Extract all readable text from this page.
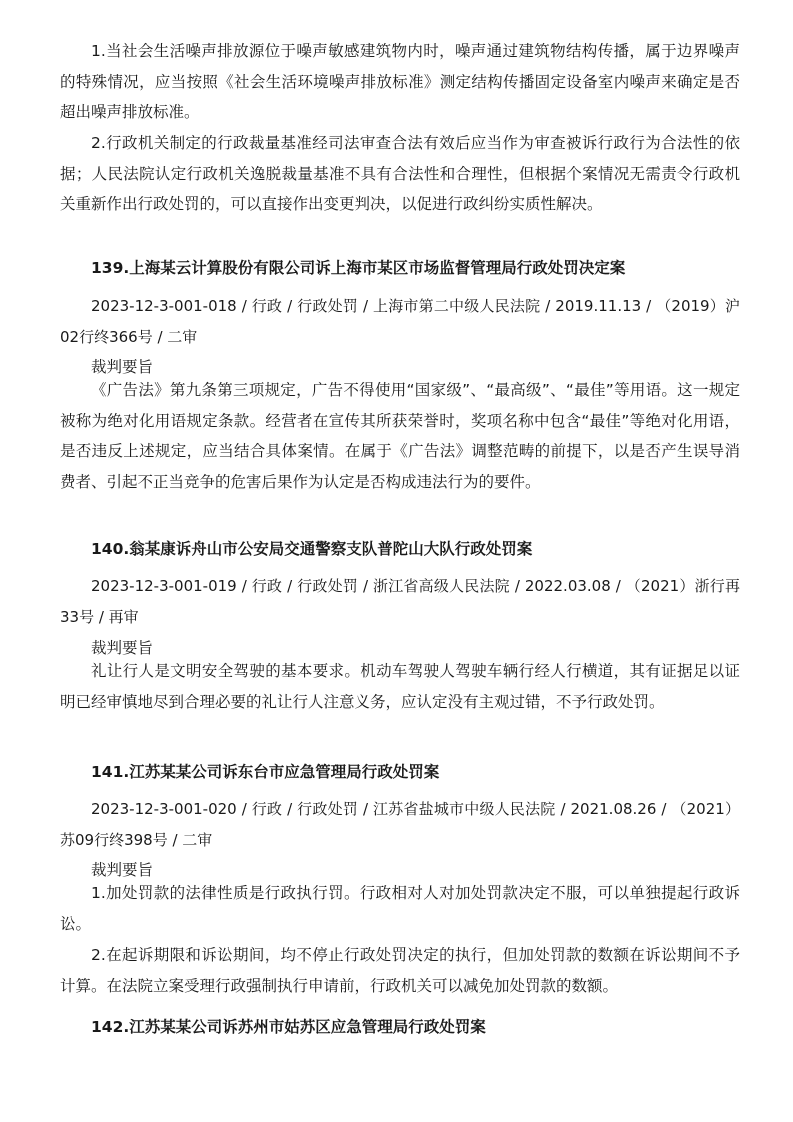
1.当社会生活噪声排放源位于噪声敏感建筑物内时，噪声通过建筑物结构传播，属于边界噪声的特殊情况，应当按照《社会生活环境噪声排放标准》测定结构传播固定设备室内噪声来确定是否超出噪声排放标准。

2.行政机关制定的行政裁量基准经司法审查合法有效后应当作为审查被诉行政行为合法性的依据；人民法院认定行政机关逸脱裁量基准不具有合法性和合理性，但根据个案情况无需责令行政机关重新作出行政处罚的，可以直接作出变更判决，以促进行政纠纷实质性解决。

139.上海某云计算股份有限公司诉上海市某区市场监督管理局行政处罚决定案

2023-12-3-001-018 / 行政 / 行政处罚 / 上海市第二中级人民法院 / 2019.11.13 / （2019）沪02行终366号 / 二审

裁判要旨

《广告法》第九条第三项规定，广告不得使用“国家级”、“最高级”、“最佳”等用语。这一规定被称为绝对化用语规定条款。经营者在宣传其所获荣誉时，奖项名称中包含“最佳”等绝对化用语，是否违反上述规定，应当结合具体案情。在属于《广告法》调整范畴的前提下，以是否产生误导消费者、引起不正当竞争的危害后果作为认定是否构成违法行为的要件。

140.翁某康诉舟山市公安局交通警察支队普陀山大队行政处罚案

2023-12-3-001-019 / 行政 / 行政处罚 / 浙江省高级人民法院 / 2022.03.08 / （2021）浙行再33号 / 再审

裁判要旨

礼让行人是文明安全驾驶的基本要求。机动车驾驶人驾驶车辆行经人行横道，其有证据足以证明已经审慎地尽到合理必要的礼让行人注意义务，应认定没有主观过错，不予行政处罚。

141.江苏某某公司诉东台市应急管理局行政处罚案

2023-12-3-001-020 / 行政 / 行政处罚 / 江苏省盐城市中级人民法院 / 2021.08.26 / （2021）苏09行终398号 / 二审

裁判要旨

1.加处罚款的法律性质是行政执行罚。行政相对人对加处罚款决定不服，可以单独提起行政诉讼。

2.在起诉期限和诉讼期间，均不停止行政处罚决定的执行，但加处罚款的数额在诉讼期间不予计算。在法院立案受理行政强制执行申请前，行政机关可以减免加处罚款的数额。

142.江苏某某公司诉苏州市姑苏区应急管理局行政处罚案
